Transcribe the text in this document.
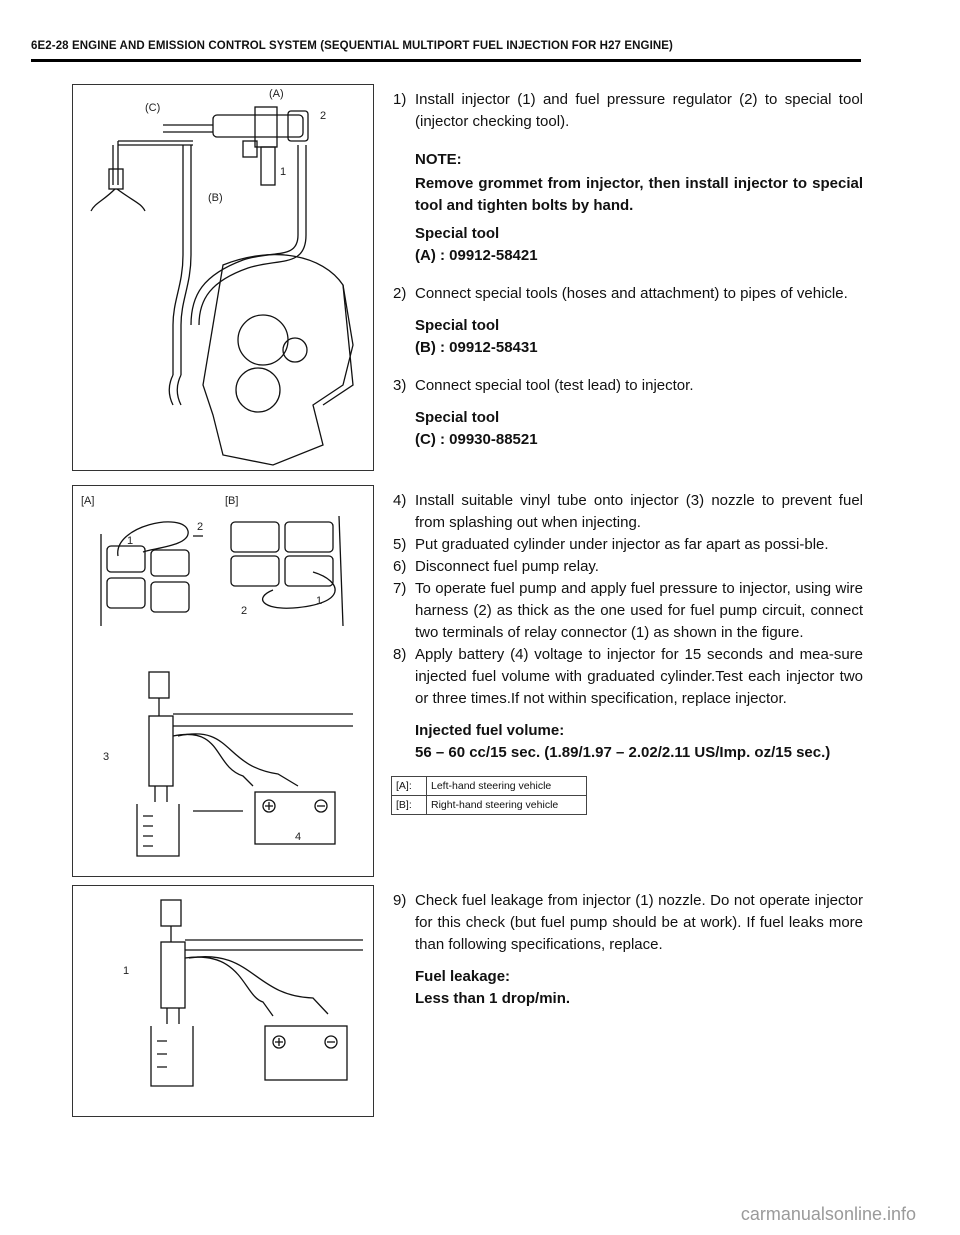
6E2-28 ENGINE AND EMISSION CONTROL SYSTEM (SEQUENTIAL MULTIPORT FUEL INJECTION FOR H27 ENGINE)
(C)
(A)
2
1
(B)
[A]	[B]
1
2
2
1
3
4
1
1) Install injector (1) and fuel pressure regulator (2) to special tool (injector checking tool).
NOTE:
Remove grommet from injector, then install injector to special tool and tighten bolts by hand.
Special tool
(A) : 09912-58421
2) Connect special tools (hoses and attachment) to pipes of vehicle.
Special tool
(B) : 09912-58431
3) Connect special tool (test lead) to injector.
Special tool
(C) : 09930-88521
4) Install suitable vinyl tube onto injector (3) nozzle to prevent fuel from splashing out when injecting.
5) Put graduated cylinder under injector as far apart as possi-ble.
6) Disconnect fuel pump relay.
7) To operate fuel pump and apply fuel pressure to injector, using wire harness (2) as thick as the one used for fuel pump circuit, connect two terminals of relay connector (1) as shown in the figure.
8) Apply battery (4) voltage to injector for 15 seconds and mea-sure injected fuel volume with graduated cylinder.Test each injector two or three times.If not within specification, replace injector.
Injected fuel volume:
56 – 60 cc/15 sec. (1.89/1.97 – 2.02/2.11 US/Imp. oz/15 sec.)
[A]:	Left-hand steering vehicle
[B]:	Right-hand steering vehicle
9) Check fuel leakage from injector (1) nozzle. Do not operate injector for this check (but fuel pump should be at work). If fuel leaks more than following specifications, replace.
Fuel leakage:
Less than 1 drop/min.
carmanualsonline.info
